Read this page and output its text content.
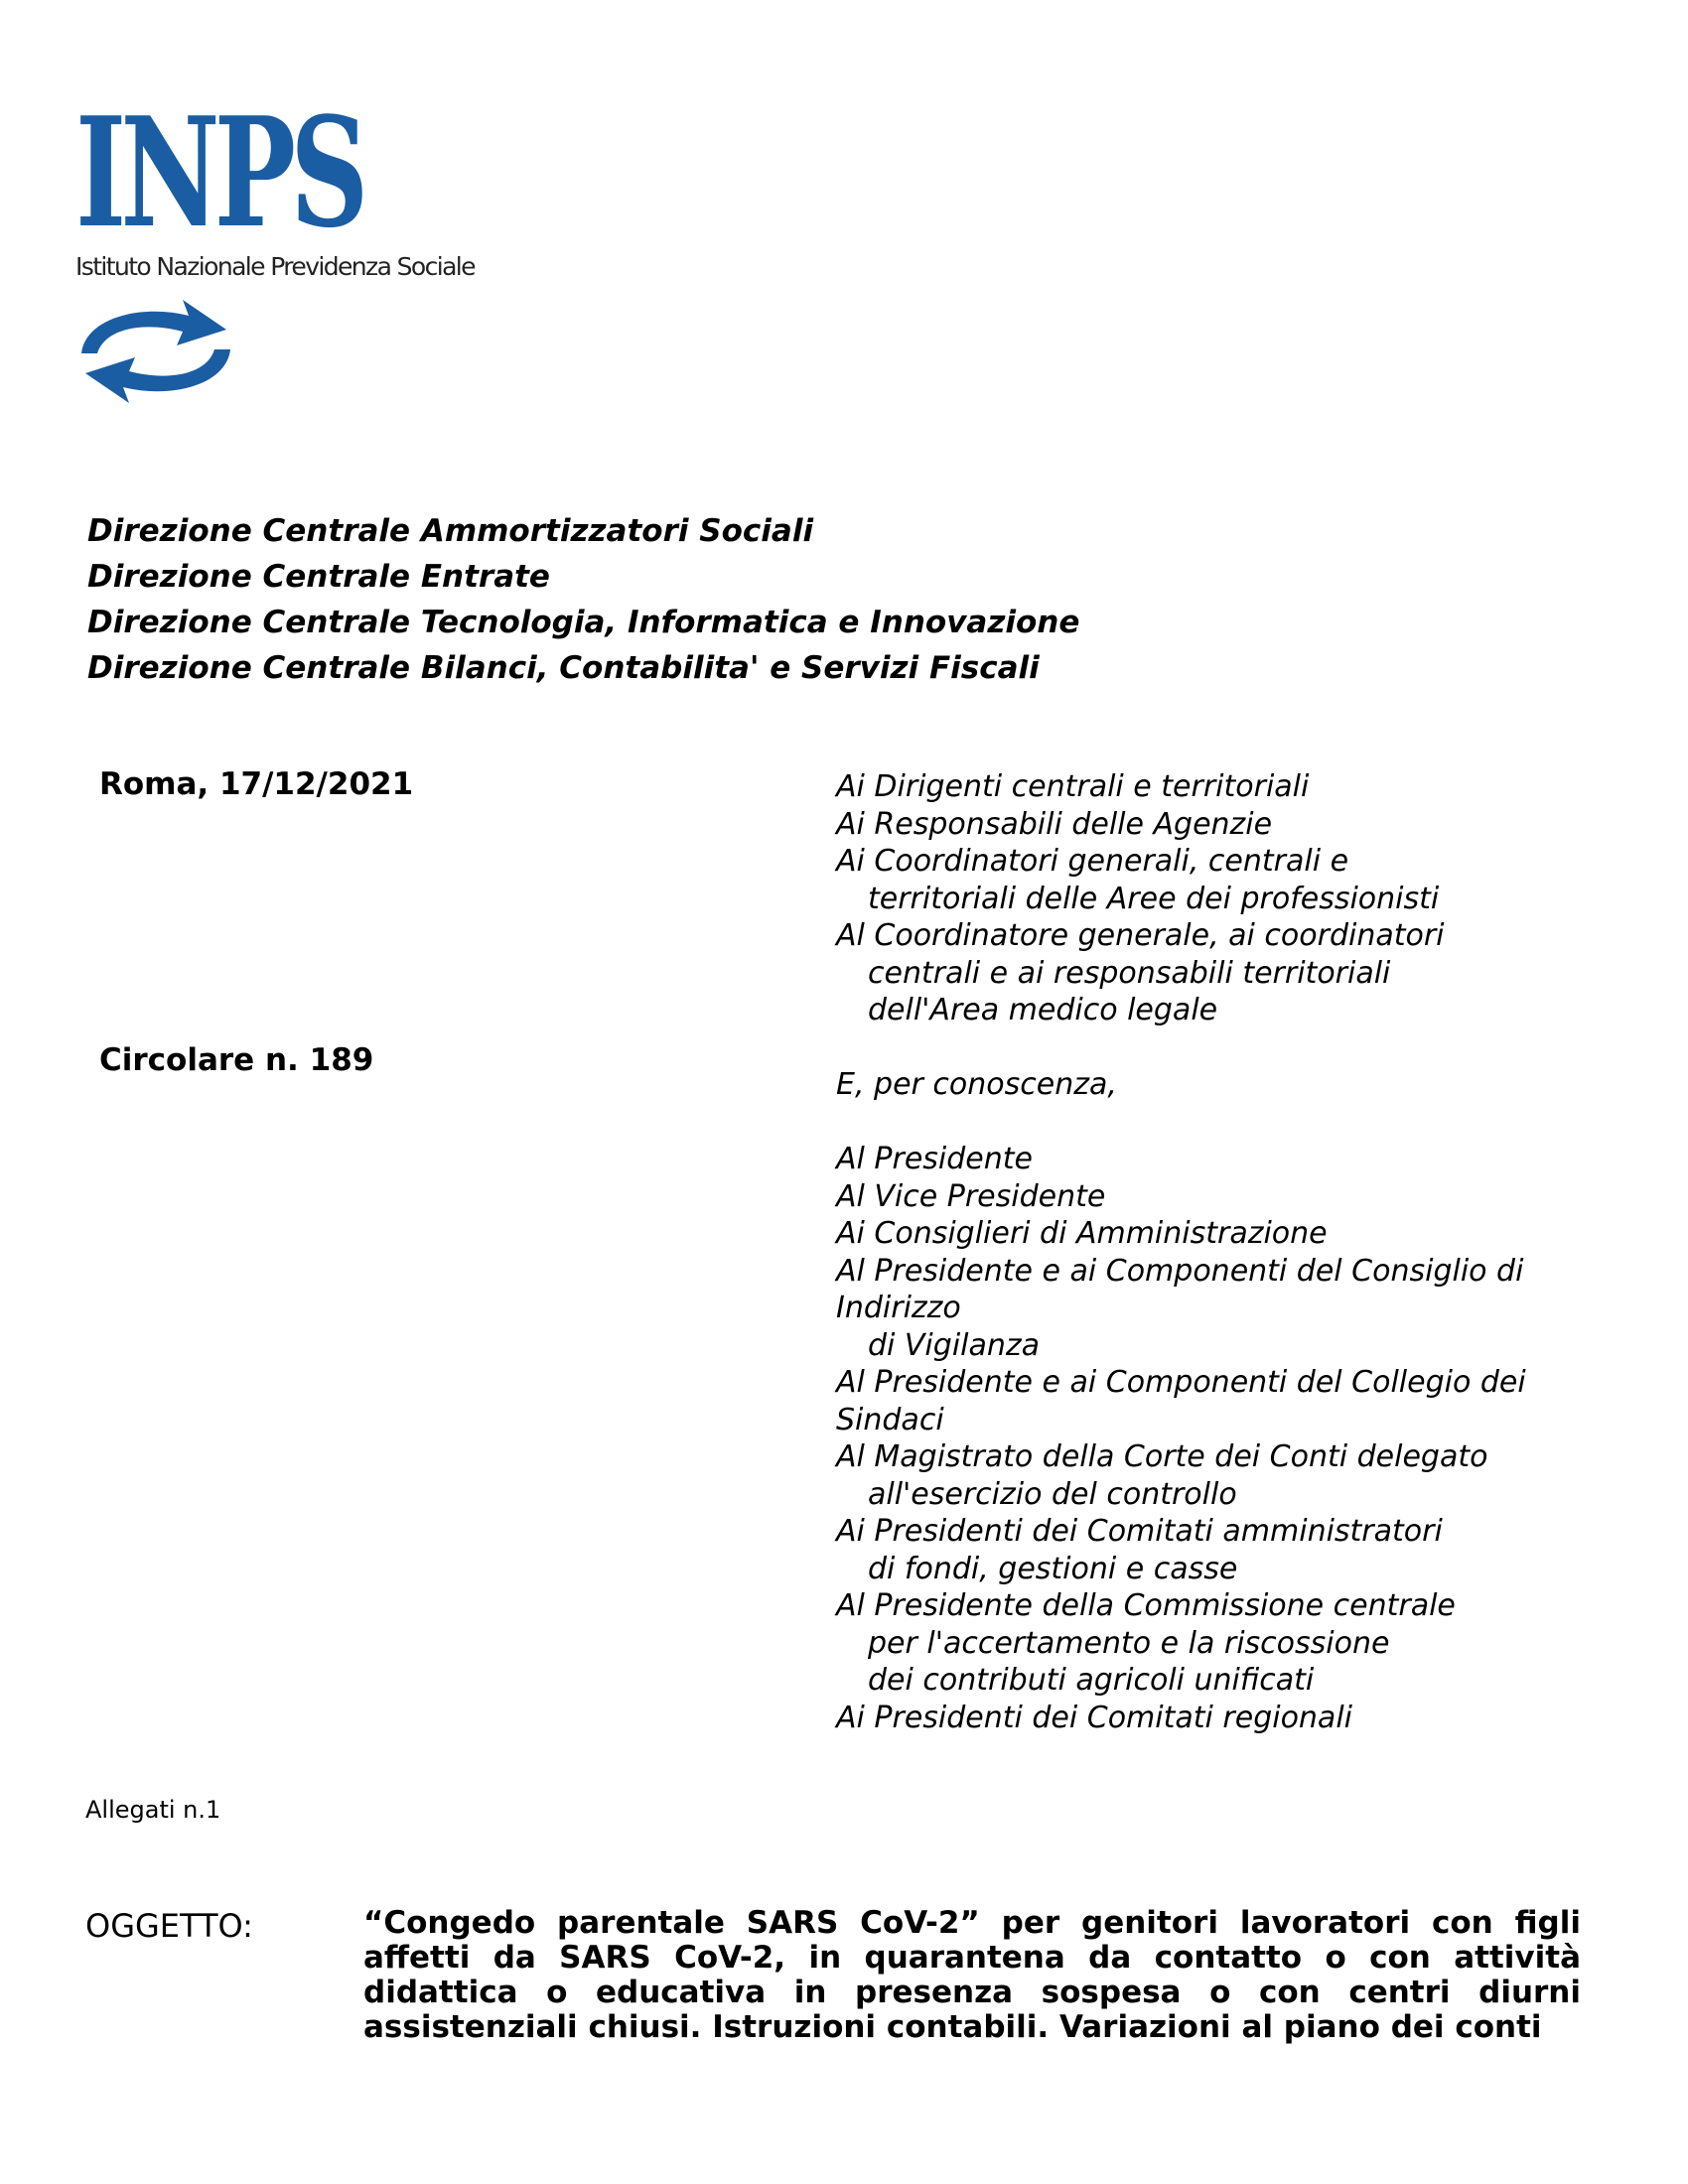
INPS
Istituto Nazionale Previdenza Sociale
Direzione Centrale Ammortizzatori Sociali
Direzione Centrale Entrate
Direzione Centrale Tecnologia, Informatica e Innovazione
Direzione Centrale Bilanci, Contabilita' e Servizi Fiscali
Roma, 17/12/2021
Circolare n. 189
Ai Dirigenti centrali e territoriali
Ai Responsabili delle Agenzie
Ai Coordinatori generali, centrali e
territoriali delle Aree dei professionisti
Al Coordinatore generale, ai coordinatori
centrali e ai responsabili territoriali
dell'Area medico legale
E, per conoscenza,
Al Presidente
Al Vice Presidente
Ai Consiglieri di Amministrazione
Al Presidente e ai Componenti del Consiglio di
Indirizzo
di Vigilanza
Al Presidente e ai Componenti del Collegio dei
Sindaci
Al Magistrato della Corte dei Conti delegato
all'esercizio del controllo
Ai Presidenti dei Comitati amministratori
di fondi, gestioni e casse
Al Presidente della Commissione centrale
per l'accertamento e la riscossione
dei contributi agricoli unificati
Ai Presidenti dei Comitati regionali
Allegati n.1
OGGETTO:	“Congedo parentale SARS CoV-2” per genitori lavoratori con figli affetti da SARS CoV-2, in quarantena da contatto o con attività didattica o educativa in presenza sospesa o con centri diurni assistenziali chiusi. Istruzioni contabili. Variazioni al piano dei conti
